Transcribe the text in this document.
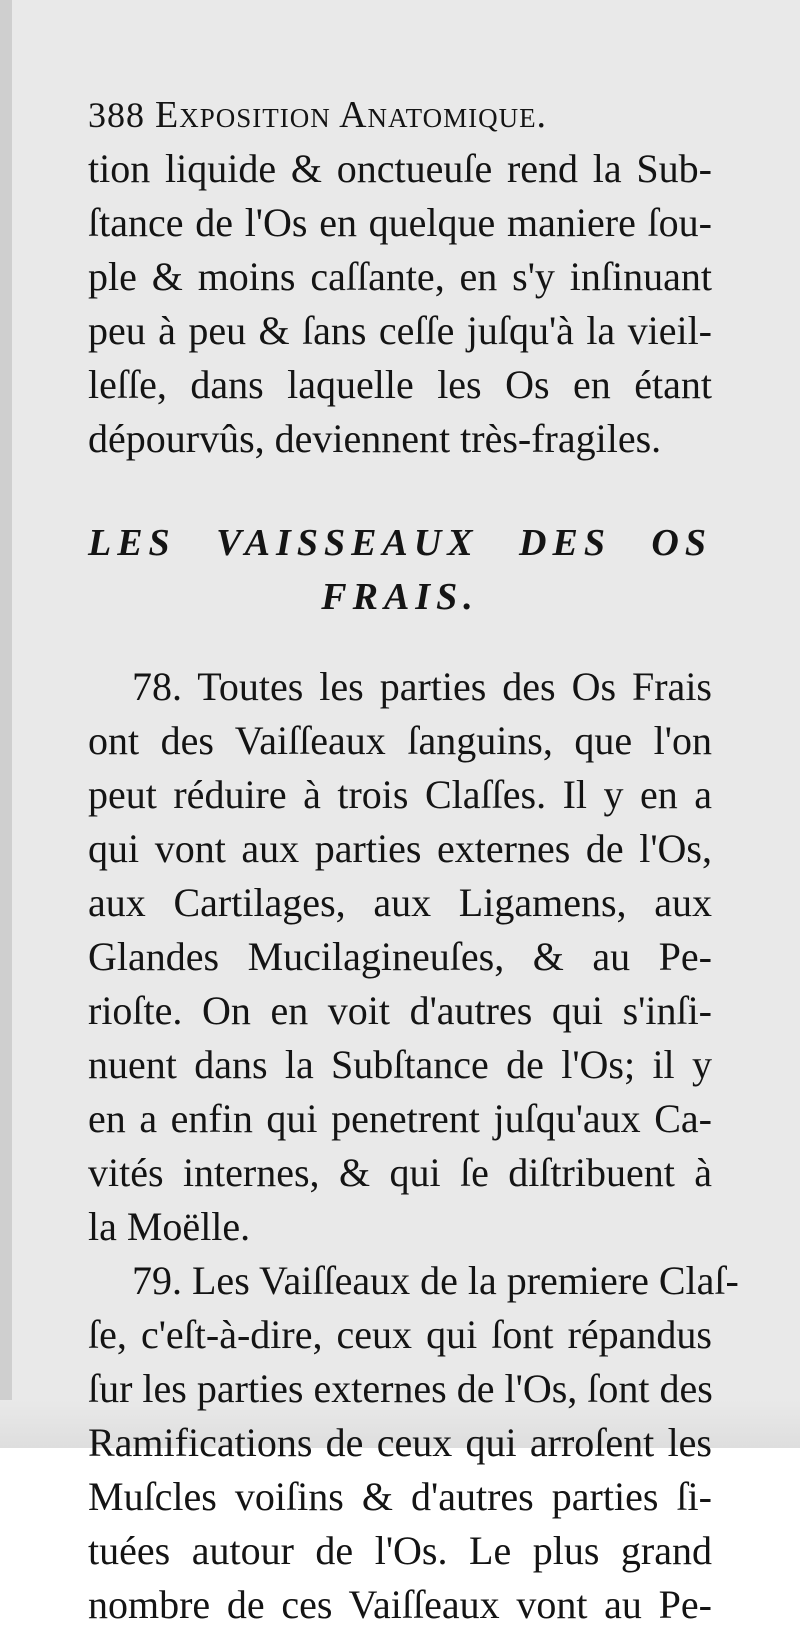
388 Exposition Anatomique.
tion liquide & onctueuſe rend la Sub-
ſtance de l'Os en quelque maniere ſou-
ple & moins caſſante, en s'y inſinuant
peu à peu & ſans ceſſe juſqu'à la vieil-
leſſe, dans laquelle les Os en étant
dépourvûs, deviennent très-fragiles.
LES VAISSEAUX DES OS
FRAIS.
78. Toutes les parties des Os Frais
ont des Vaiſſeaux ſanguins, que l'on
peut réduire à trois Claſſes. Il y en a
qui vont aux parties externes de l'Os,
aux Cartilages, aux Ligamens, aux
Glandes Mucilagineuſes, & au Pe-
rioſte. On en voit d'autres qui s'inſi-
nuent dans la Subſtance de l'Os; il y
en a enfin qui penetrent juſqu'aux Ca-
vités internes, & qui ſe diſtribuent à
la Moëlle.
79. Les Vaiſſeaux de la premiere Claſ-
ſe, c'eſt-à-dire, ceux qui ſont répandus
ſur les parties externes de l'Os, ſont des
Ramifications de ceux qui arroſent les
Muſcles voiſins & d'autres parties ſi-
tuées autour de l'Os. Le plus grand
nombre de ces Vaiſſeaux vont au Pe-
